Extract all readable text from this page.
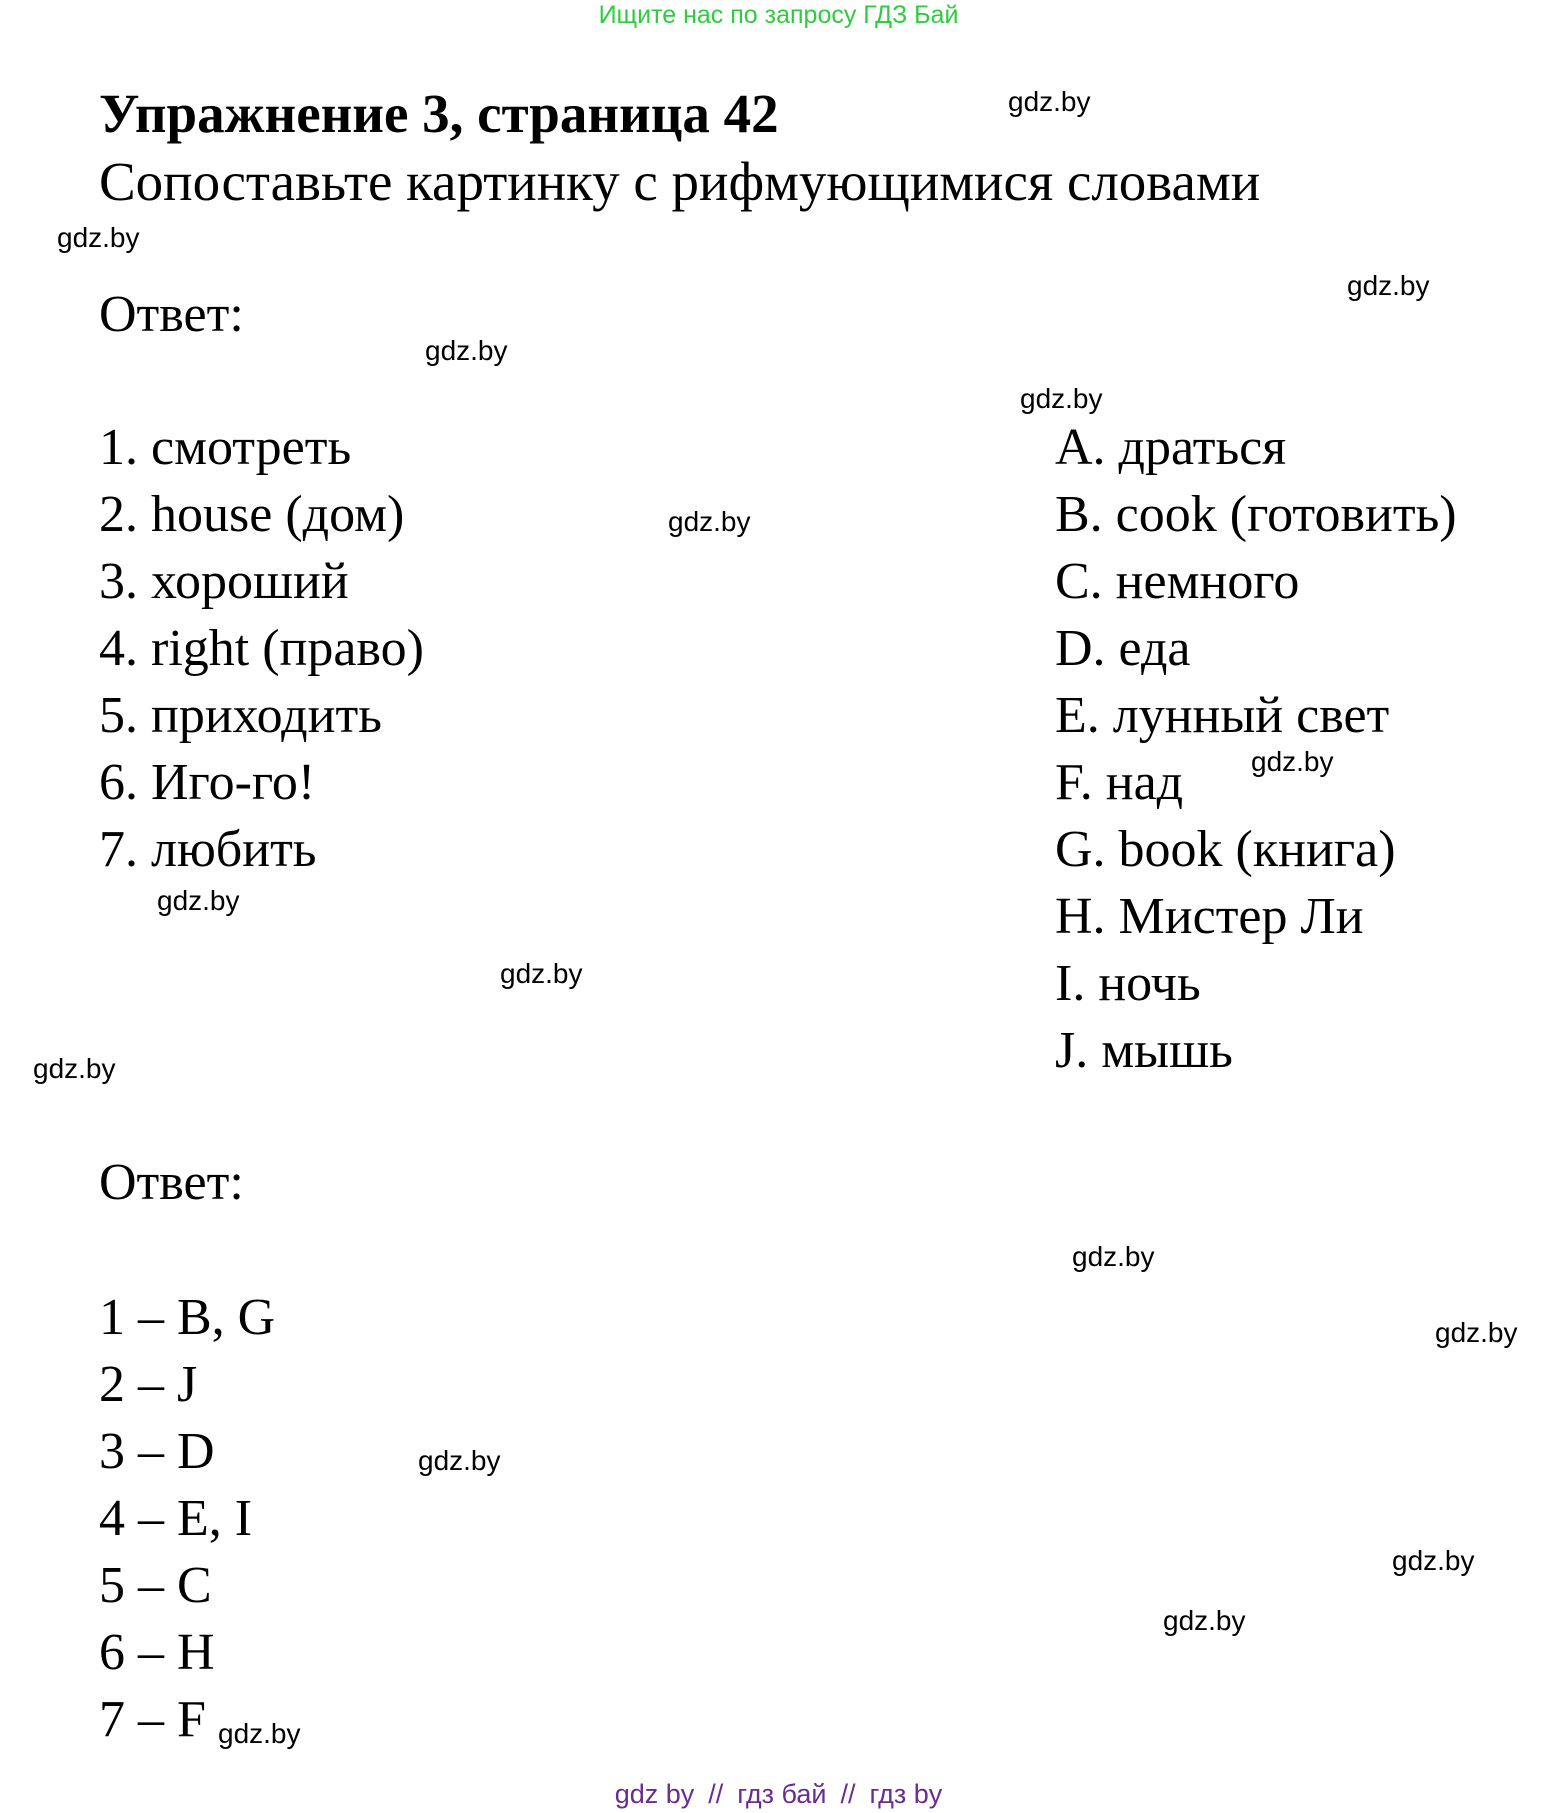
Ищите нас по запросу ГДЗ Бай
Упражнение 3, страница 42
Сопоставьте картинку с рифмующимися словами
Ответ:
1. смотреть
2. house (дом)
3. хороший
4. right (право)
5. приходить
6. Иго-го!
7. любить
A. драться
B. cook (готовить)
C. немного
D. еда
E. лунный свет
F. над
G. book (книга)
H. Мистер Ли
I. ночь
J. мышь
Ответ:
1 – B, G
2 – J
3 – D
4 – E, I
5 – C
6 – H
7 – F
gdz.by
gdz.by
gdz.by
gdz.by
gdz.by
gdz.by
gdz.by
gdz.by
gdz.by
gdz.by
gdz.by
gdz.by
gdz.by
gdz.by
gdz.by
gdz.by
gdz by // гдз бай // гдз by
